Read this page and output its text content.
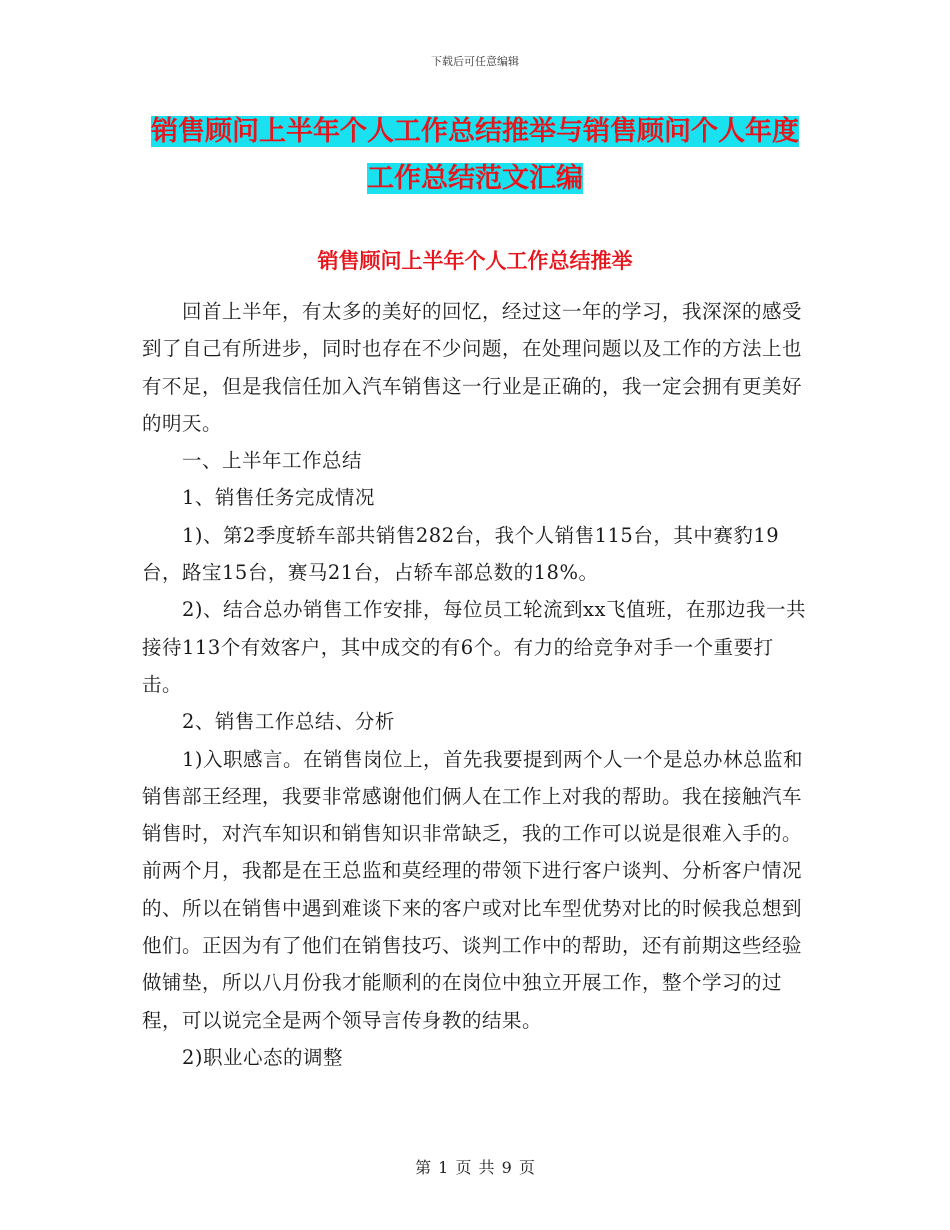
下载后可任意编辑
销售顾问上半年个人工作总结推举与销售顾问个人年度工作总结范文汇编
销售顾问上半年个人工作总结推举

回首上半年，有太多的美好的回忆，经过这一年的学习，我深深的感受到了自己有所进步，同时也存在不少问题，在处理问题以及工作的方法上也有不足，但是我信任加入汽车销售这一行业是正确的，我一定会拥有更美好的明天。

一、上半年工作总结

1、销售任务完成情况

1)、第2季度轿车部共销售282台，我个人销售115台，其中赛豹19台，路宝15台，赛马21台，占轿车部总数的18%。

2)、结合总办销售工作安排，每位员工轮流到xx飞值班，在那边我一共接待113个有效客户，其中成交的有6个。有力的给竞争对手一个重要打击。

2、销售工作总结、分析

1)入职感言。在销售岗位上，首先我要提到两个人一个是总办林总监和销售部王经理，我要非常感谢他们俩人在工作上对我的帮助。我在接触汽车销售时，对汽车知识和销售知识非常缺乏，我的工作可以说是很难入手的。前两个月，我都是在王总监和莫经理的带领下进行客户谈判、分析客户情况的、所以在销售中遇到难谈下来的客户或对比车型优势对比的时候我总想到他们。正因为有了他们在销售技巧、谈判工作中的帮助，还有前期这些经验做铺垫，所以八月份我才能顺利的在岗位中独立开展工作，整个学习的过程，可以说完全是两个领导言传身教的结果。

2)职业心态的调整

第 1 页 共 9 页
